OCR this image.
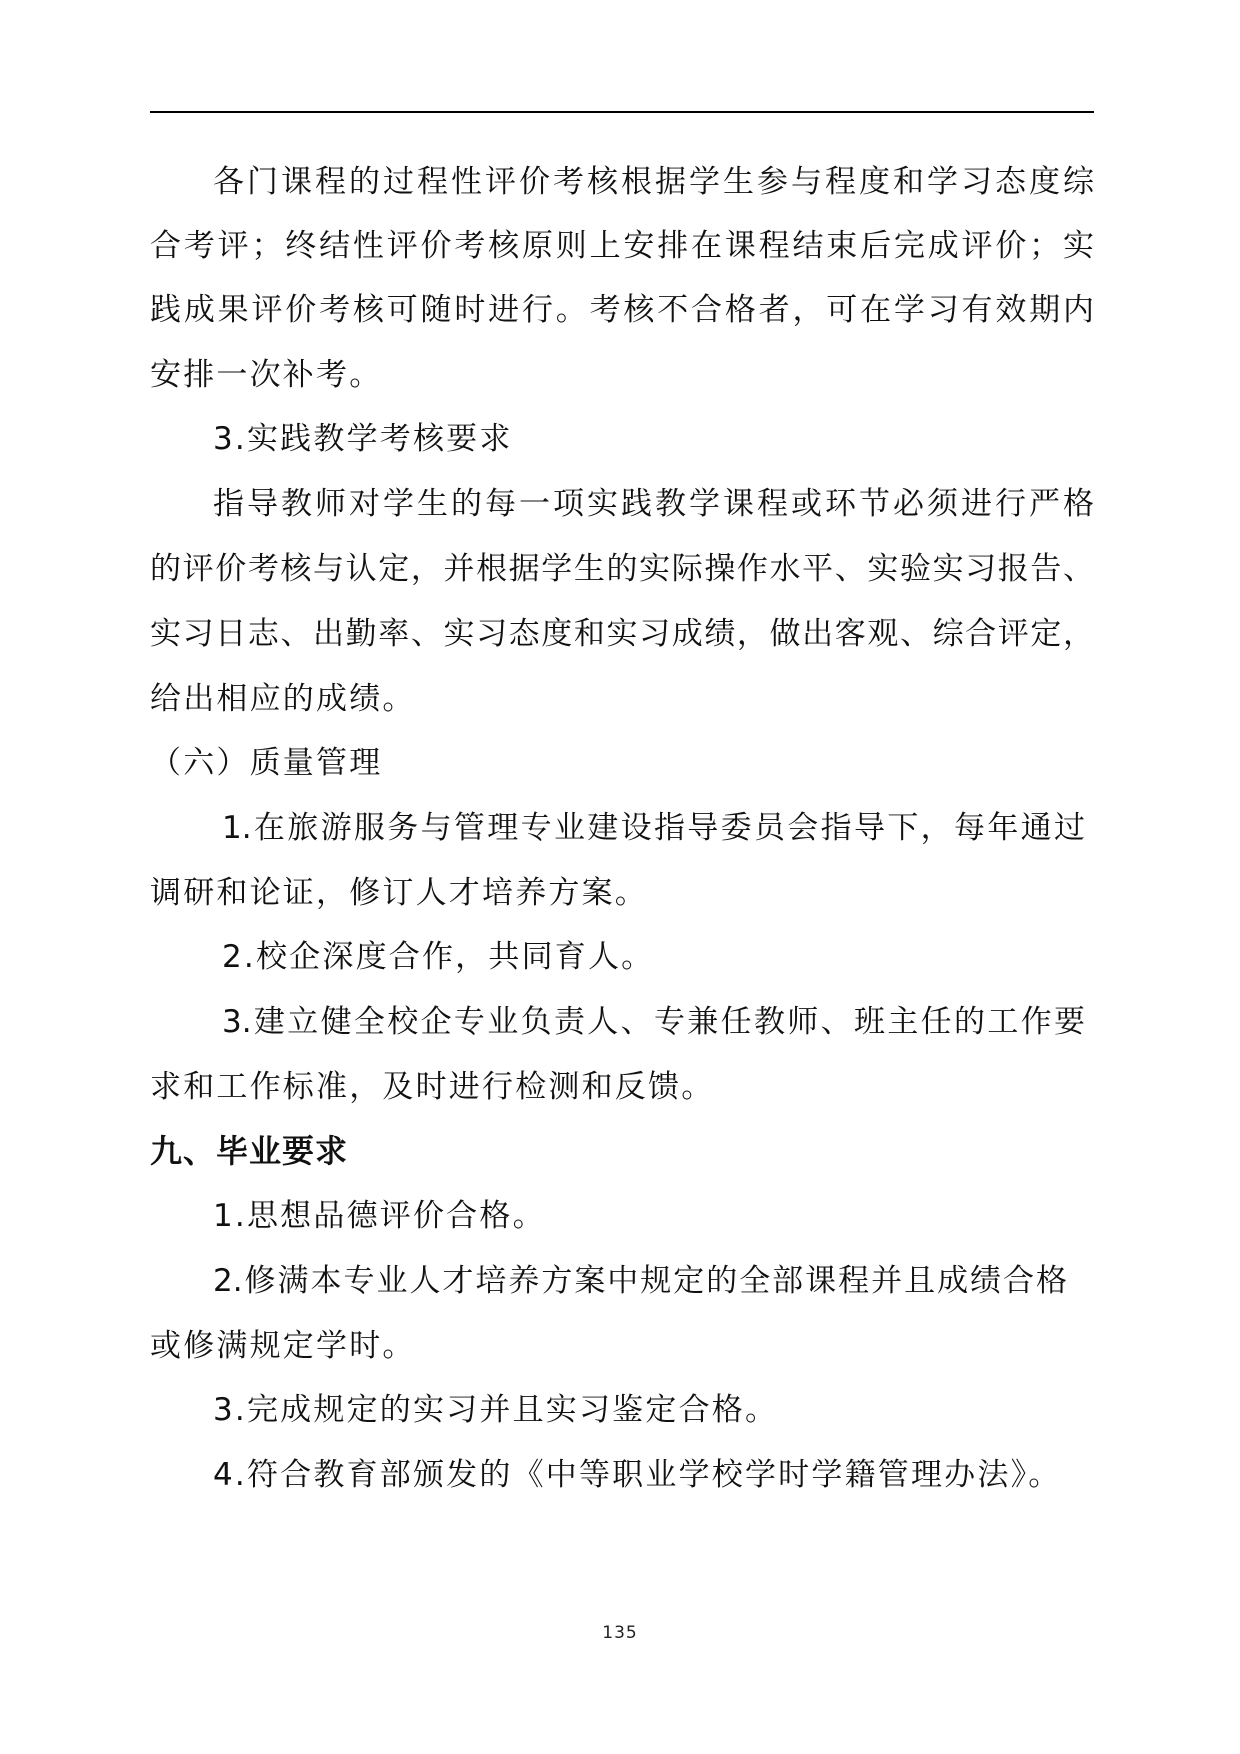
各门课程的过程性评价考核根据学生参与程度和学习态度综

合考评；终结性评价考核原则上安排在课程结束后完成评价；实

践成果评价考核可随时进行。考核不合格者，可在学习有效期内

安排一次补考。

3.实践教学考核要求

指导教师对学生的每一项实践教学课程或环节必须进行严格

的评价考核与认定，并根据学生的实际操作水平、实验实习报告、

实习日志、出勤率、实习态度和实习成绩，做出客观、综合评定，

给出相应的成绩。

（六）质量管理

1.在旅游服务与管理专业建设指导委员会指导下，每年通过

调研和论证，修订人才培养方案。

2.校企深度合作，共同育人。

3.建立健全校企专业负责人、专兼任教师、班主任的工作要

求和工作标准，及时进行检测和反馈。

九、毕业要求

1.思想品德评价合格。

2.修满本专业人才培养方案中规定的全部课程并且成绩合格

或修满规定学时。

3.完成规定的实习并且实习鉴定合格。

4.符合教育部颁发的《中等职业学校学时学籍管理办法》。

135
